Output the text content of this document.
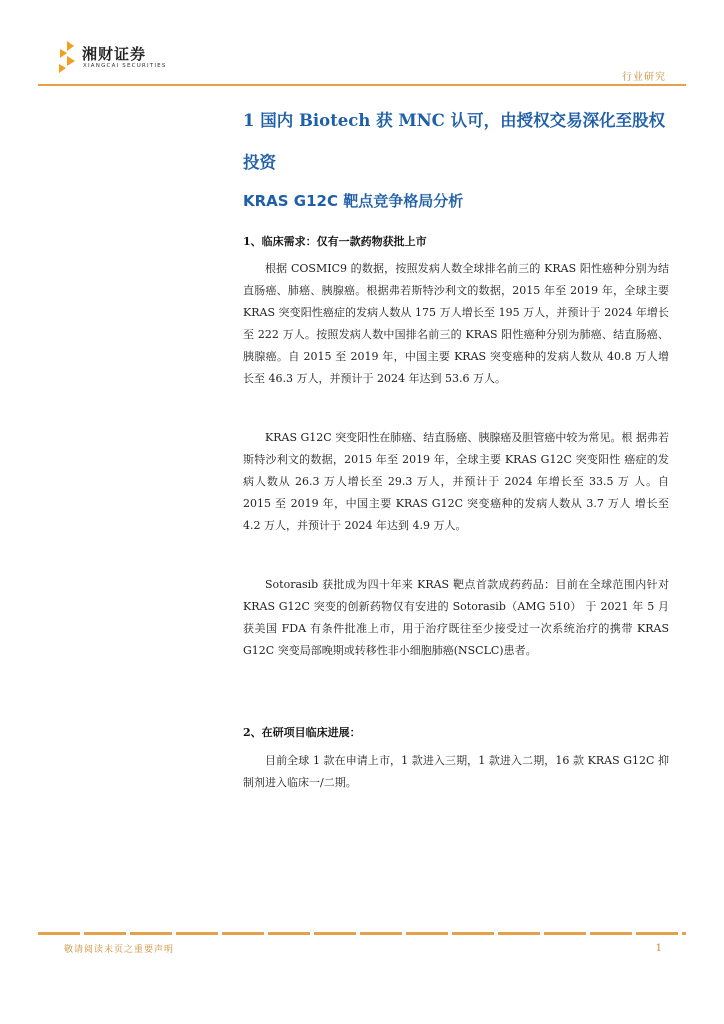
湘财证券
XIANGCAI SECURITIES
行业研究
1 国内 Biotech 获 MNC 认可，由授权交易深化至股权投资
KRAS G12C 靶点竞争格局分析
1、临床需求：仅有一款药物获批上市
根据 COSMIC9 的数据，按照发病人数全球排名前三的 KRAS 阳性癌种分别为结直肠癌、肺癌、胰腺癌。根据弗若斯特沙利文的数据，2015 年至 2019 年，全球主要 KRAS 突变阳性癌症的发病人数从 175 万人增长至 195 万人，并预计于 2024 年增长至 222 万人。按照发病人数中国排名前三的 KRAS 阳性癌种分别为肺癌、结直肠癌、胰腺癌。自 2015 至 2019 年，中国主要 KRAS 突变癌种的发病人数从 40.8 万人增长至 46.3 万人，并预计于 2024 年达到 53.6 万人。
KRAS G12C 突变阳性在肺癌、结直肠癌、胰腺癌及胆管癌中较为常见。根 据弗若斯特沙利文的数据，2015 年至 2019 年，全球主要 KRAS G12C 突变阳性 癌症的发病人数从 26.3 万人增长至 29.3 万人，并预计于 2024 年增长至 33.5 万 人。自 2015 至 2019 年，中国主要 KRAS G12C 突变癌种的发病人数从 3.7 万人 增长至 4.2 万人，并预计于 2024 年达到 4.9 万人。
Sotorasib 获批成为四十年来 KRAS 靶点首款成药药品：目前在全球范围内针对 KRAS G12C 突变的创新药物仅有安进的 Sotorasib（AMG 510） 于 2021 年 5 月获美国 FDA 有条件批准上市，用于治疗既往至少接受过一次系统治疗的携带 KRAS G12C 突变局部晚期或转移性非小细胞肺癌(NSCLC)患者。
2、在研项目临床进展：
目前全球 1 款在申请上市，1 款进入三期，1 款进入二期，16 款 KRAS G12C 抑制剂进入临床一/二期。
敬请阅读末页之重要声明	1
